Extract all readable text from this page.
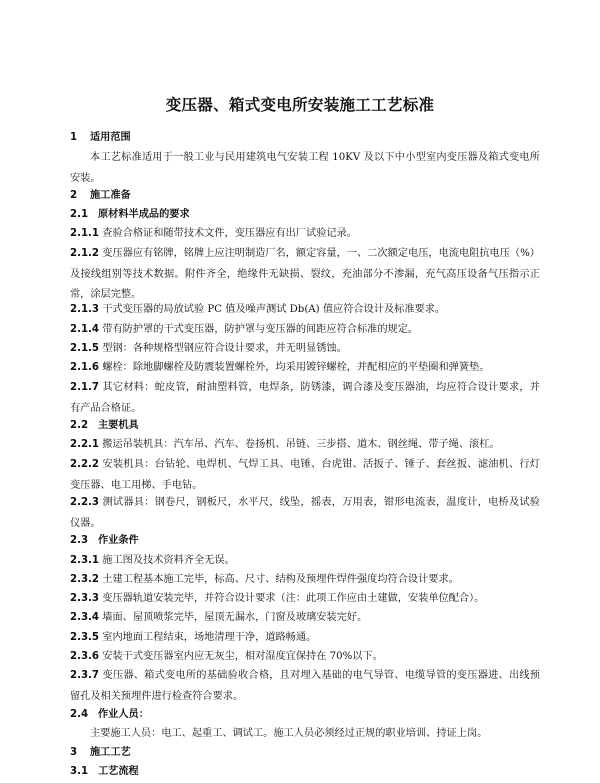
变压器、箱式变电所安装施工工艺标准
1 适用范围
本工艺标准适用于一般工业与民用建筑电气安装工程 10KV 及以下中小型室内变压器及箱式变电所安装。
2 施工准备
2.1 原材料半成品的要求
2.1.1 查验合格证和随带技术文件，变压器应有出厂试验记录。
2.1.2 变压器应有铭牌，铭牌上应注明制造厂名，额定容量，一、二次额定电压，电流电阻抗电压（%）及接线组别等技术数据。附件齐全，绝缘件无缺损、裂纹，充油部分不渗漏，充气高压设备气压指示正常，涂层完整。
2.1.3 干式变压器的局放试验 PC 值及噪声测试 Db(A) 值应符合设计及标准要求。
2.1.4 带有防护罩的干式变压器，防护罩与变压器的间距应符合标准的规定。
2.1.5 型钢：各种规格型钢应符合设计要求，并无明显锈蚀。
2.1.6 螺栓：除地脚螺栓及防震装置螺栓外，均采用镀锌螺栓，并配相应的平垫圈和弹簧垫。
2.1.7 其它材料：蛇皮管，耐油塑料管，电焊条，防锈漆，调合漆及变压器油，均应符合设计要求，并有产品合格证。
2.2 主要机具
2.2.1 搬运吊装机具：汽车吊、汽车、卷扬机、吊链、三步搭、道木、钢丝绳、带子绳、滚杠。
2.2.2 安装机具：台钻轮、电焊机、气焊工具、电锤、台虎钳、活扳子、锤子、套丝扳、滤油机、行灯变压器、电工用梯、手电钻。
2.2.3 测试器具：钢卷尺，钢板尺，水平尺，线坠，摇表，万用表，钳形电流表，温度计，电桥及试验仪器。
2.3 作业条件
2.3.1 施工图及技术资料齐全无误。
2.3.2 土建工程基本施工完毕，标高、尺寸、结构及预埋件焊件强度均符合设计要求。
2.3.3 变压器轨道安装完毕，并符合设计要求（注：此项工作应由土建做，安装单位配合）。
2.3.4 墙面、屋顶喷浆完毕，屋顶无漏水，门窗及玻璃安装完好。
2.3.5 室内地面工程结束，场地清理干净，道路畅通。
2.3.6 安装干式变压器室内应无灰尘，相对湿度宜保持在 70%以下。
2.3.7 变压器、箱式变电所的基础验收合格，且对埋入基础的电气导管、电缆导管的变压器进、出线预留孔及相关预埋件进行检查符合要求。
2.4 作业人员：
主要施工人员：电工、起重工、调试工。施工人员必须经过正规的职业培训、持证上岗。
3 施工工艺
3.1 工艺流程
